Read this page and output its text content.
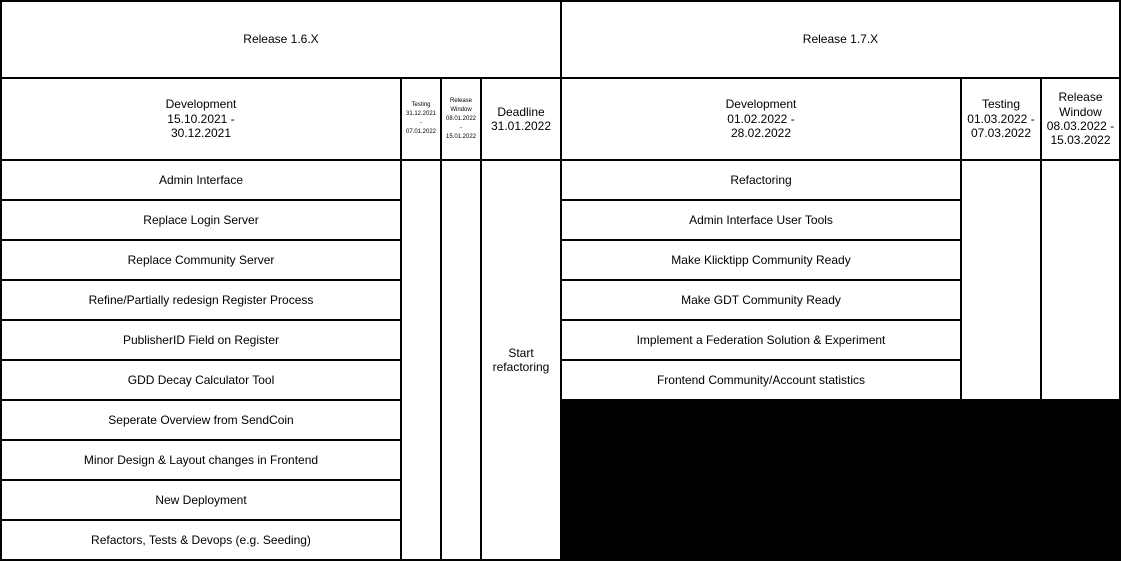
Release 1.6.X
Development
15.10.2021 -
30.12.2021
Testing
31.12.2021
-
07.01.2022
Release
Window
08.01.2022
-
15.01.2022
Deadline
31.01.2022
Admin Interface
Replace Login Server
Replace Community Server
Refine/Partially redesign Register Process
PublisherID Field on Register
GDD Decay Calculator Tool
Seperate Overview from SendCoin
Minor Design & Layout changes in Frontend
New Deployment
Refactors, Tests & Devops (e.g. Seeding)
Start
refactoring
Release 1.7.X
Development
01.02.2022 -
28.02.2022
Testing
01.03.2022 -
07.03.2022
Release
Window
08.03.2022 -
15.03.2022
Refactoring
Admin Interface User Tools
Make Klicktipp Community Ready
Make GDT Community Ready
Implement a Federation Solution & Experiment
Frontend Community/Account statistics
